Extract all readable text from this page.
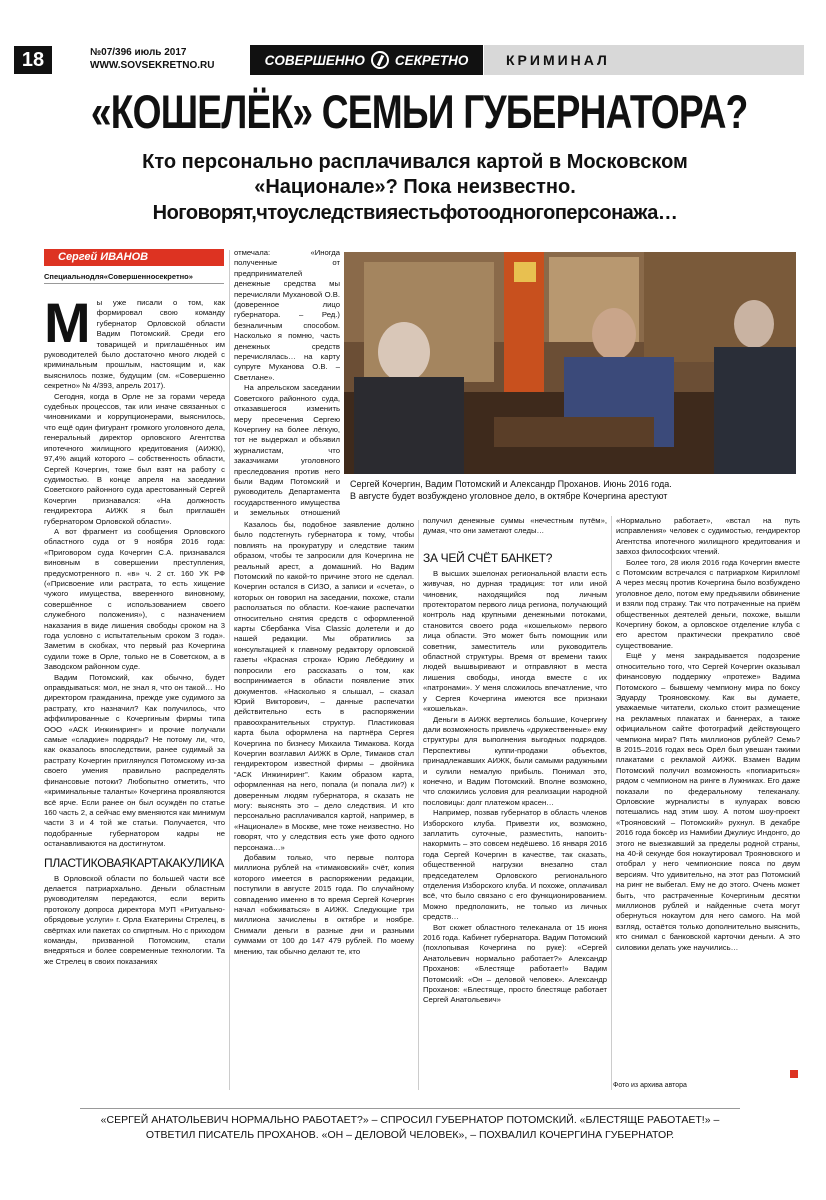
18	№07/396 июль 2017
WWW.SOVSEKRETNO.RU	СОВЕРШЕННО СЕКРЕТНО	КРИМИНАЛ
«КОШЕЛЁК» СЕМЬИ ГУБЕРНАТОРА?
Кто персонально расплачивался картой в Московском
«Национале»? Пока неизвестно.
Ноговорят,чтоуследствияестьфотоодногоперсонажа…
Сергей ИВАНОВ
Специальнодля«Совершенносекретно»
М ы уже писали о том, как формировал свою команду губернатор Орловской области Вадим Потомский. Среди его товарищей и приглашённых им руководителей было достаточно много людей с криминальным прошлым, настоящим и, как выяснилось позже, будущим (см. «Совершенно секретно» № 4/393, апрель 2017).

Сегодня, когда в Орле не за горами череда судебных процессов, так или иначе связанных с чиновниками и коррупционерами, выяснилось, что ещё один фигурант громкого уголовного дела, генеральный директор орловского Агентства ипотечного жилищного кредитования (АИЖК), 97,4% акций которого – собственность области, Сергей Кочергин, тоже был взят на работу с судимостью. В конце апреля на заседании Советского районного суда арестованный Сергей Кочергин признавался: «На должность гендиректора АИЖК я был приглашён губернатором Орловской области».

А вот фрагмент из сообщения Орловского областного суда от 9 ноября 2016 года: «Приговором суда Кочергин С.А. признавался виновным в совершении преступления, предусмотренного п. «в» ч. 2 ст. 160 УК РФ («Присвоение или растрата, то есть хищение чужого имущества, вверенного виновному, совершённое с использованием своего служебного положения»), с назначением наказания в виде лишения свободы сроком на 3 года условно с испытательным сроком 3 года». Заметим в скобках, что первый раз Кочергина судили тоже в Орле, только не в Советском, а в Заводском районном суде.

Вадим Потомский, как обычно, будет оправдываться: мол, не знал я, что он такой… Но директором гражданина, прежде уже судимого за растрату, кто назначил? Как получилось, что аффилированные с Кочергиным фирмы типа ООО «АСК Инжиниринг» и прочие получали самые «сладкие» подряды? Не потому ли, что, как оказалось впоследствии, ранее судимый за растрату Кочергин приглянулся Потомскому из-за своего умения правильно распределять финансовые потоки? Любопытно отметить, что «криминальные таланты» Кочергина проявляются всё ярче. Если ранее он был осуждён по статье 160 часть 2, а сейчас ему вменяются как минимум части 3 и 4 той же статьи. Получается, что подобранные губернатором кадры не останавливаются на достигнутом.

ПЛАСТИКОВАЯКАРТАКАКУЛИКА

В Орловской области по большей части всё делается патриархально. Деньги областным руководителям передаются, если верить протоколу допроса директора МУП «Ритуально-обрядовые услуги» г. Орла Екатерины Стрелец, в свёртках или пакетах со спиртным. Но с приходом команды, призванной Потомским, стали внедряться и более современные технологии. Та же Стрелец в своих показаниях

отмечала: «Иногда полученные от предпринимателей денежные средства мы перечисляли Мухановой О.В. (доверенное лицо губернатора. – Ред.) безналичным способом. Насколько я помню, часть денежных средств перечислялась… на карту супруге Муханова О.В. – Светлане».

На апрельском заседании Советского районного суда, отказавшегося изменить меру пресечения Сергею Кочергину на более лёгкую, тот не выдержал и объявил журналистам, что заказчиками уголовного преследования против него были Вадим Потомский и руководитель Департамента государственного имущества и земельных отношений

Казалось бы, подобное заявление должно было подстегнуть губернатора к тому, чтобы повлиять на прокуратуру и следствие таким образом, чтобы те запросили для Кочергина не реальный арест, а домашний. Но Вадим Потомский по какой-то причине этого не сделал. Кочергин остался в СИЗО, а записи и «счета», о которых он говорил на заседании, похоже, стали расползаться по области. Кое-какие распечатки относительно снятия средств с оформленной карты Сбербанка Visa Classic долетели и до нашей редакции. Мы обратились за консультацией к главному редактору орловской газеты «Красная строка» Юрию Лебёдкину и попросили его рассказать о том, как воспринимается в области появление этих документов. «Насколько я слышал, – сказал Юрий Викторович, – данные распечатки действительно есть в распоряжении правоохранительных структур. Пластиковая карта была оформлена на партнёра Сергея Кочергина по бизнесу Михаила Тимакова. Когда Кочергин возглавил АИЖК в Орле, Тимаков стал гендиректором известной фирмы – двойника “АСК Инжиниринг”. Каким образом карта, оформленная на него, попала (и попала ли?) к доверенным людям губернатора, я сказать не могу: выяснять это – дело следствия. И кто персонально расплачивался картой, например, в «Национале» в Москве, мне тоже неизвестно. Но говорят, что у следствия есть уже фото одного персонажа…»

Добавим только, что первые полтора миллиона рублей на «тимаковский» счёт, копия которого имеется в распоряжении редакции, поступили в августе 2015 года. По случайному совпадению именно в то время Сергей Кочергин начал «обживаться» в АИЖК. Следующие три миллиона зачислены в октябре и ноябре. Снимали деньги в разные дни и разными суммами от 100 до 147 479 рублей. По моему мнению, так обычно делают те, кто

Сергей Кочергин, Вадим Потомский и Александр Проханов. Июнь 2016 года.
В августе будет возбуждено уголовное дело, в октябре Кочергина арестуют

получил денежные суммы «нечестным путём», думая, что они заметают следы…

ЗА ЧЕЙ СЧЁТ БАНКЕТ?

В высших эшелонах региональной власти есть живучая, но дурная традиция: тот или иной чиновник, находящийся под личным протекторатом первого лица региона, получающий контроль над крупными денежными потоками, становится своего рода «кошельком» первого лица области. Это может быть помощник или советник, заместитель или руководитель областной структуры. Время от времени таких людей вышвыривают и отправляют в места лишения свободы, иногда вместе с их «патронами». У меня сложилось впечатление, что у Сергея Кочергина имеются все признаки «кошелька».

Деньги в АИЖК вертелись большие, Кочергину дали возможность привлечь «дружественные» ему структуры для выполнения выгодных подрядов. Перспективы куппи-продажи объектов, принадлежавших АИЖК, были самыми радужными и сулили немалую прибыль. Понимал это, конечно, и Вадим Потомский. Вполне возможно, что сложились условия для реализации народной пословицы: долг платежом красен…

Например, позвав губернатор в область членов Изборского клуба. Привезти их, возможно, заплатить суточные, разместить, напоить-накормить – это совсем недёшево. 16 января 2016 года Сергей Кочергин в качестве, так сказать, общественной нагрузки внезапно стал председателем Орловского регионального отделения Изборского клуба. И похоже, оплачивал всё, что было связано с его функционированием. Можно предположить, не только из личных средств…

Вот сюжет областного телеканала от 15 июня 2016 года. Кабинет губернатора. Вадим Потомский (похлопывая Кочергина по руке): «Сергей Анатольевич нормально работает?» Александр Проханов: «Блестяще работает!» Вадим Потомский: «Он – деловой человек». Александр Проханов: «Блестяще, просто блестяще работает Сергей Анатольевич»

«Нормально работает», «встал на путь исправления» человек с судимостью, гендиректор Агентства ипотечного жилищного кредитования и завхоз философских чтений.

Более того, 28 июля 2016 года Кочергин вместе с Потомским встречался с патриархом Кириллом! А через месяц против Кочергина было возбуждено уголовное дело, потом ему предъявили обвинение и взяли под стражу. Так что потраченные на приём общественных деятелей деньги, похоже, вышли Кочергину боком, а орловское отделение клуба с его арестом практически прекратило своё существование.

Ещё у меня закрадывается подозрение относительно того, что Сергей Кочергин оказывал финансовую поддержку «протеже» Вадима Потомского – бывшему чемпиону мира по боксу Эдуарду Трояновскому. Как вы думаете, уважаемые читатели, сколько стоит размещение на рекламных плакатах и баннерах, а также официальном сайте фотографий действующего чемпиона мира? Пять миллионов рублей? Семь? В 2015–2016 годах весь Орёл был увешан такими плакатами с рекламой АИЖК. Взамен Вадим Потомский получил возможность «попиариться» рядом с чемпионом на ринге в Лужниках. Его даже показали по федеральному телеканалу. Орловские журналисты в кулуарах вовсю потешались над этим шоу. А потом шоу-проект «Трояновский – Потомский» рухнул. В декабре 2016 года боксёр из Намибии Джулиус Индонго, до этого не выезжавший за пределы родной страны, на 40-й секунде боя нокаутировал Трояновского и отобрал у него чемпионские пояса по двум версиям. Что удивительно, на этот раз Потомский на ринг не выбегал. Ему не до этого. Очень может быть, что растраченные Кочергиным десятки миллионов рублей и найденные счета могут обернуться нокаутом для него самого. На мой взгляд, остаётся только дополнительно выяснить, кто снимал с банковской карточки деньги. А это силовики делать уже научились…

Фото из архива автора
«СЕРГЕЙ АНАТОЛЬЕВИЧ НОРМАЛЬНО РАБОТАЕТ?» – СПРОСИЛ ГУБЕРНАТОР ПОТОМСКИЙ. «БЛЕСТЯЩЕ РАБОТАЕТ!» –
ОТВЕТИЛ ПИСАТЕЛЬ ПРОХАНОВ. «ОН – ДЕЛОВОЙ ЧЕЛОВЕК», – ПОХВАЛИЛ КОЧЕРГИНА ГУБЕРНАТОР.
